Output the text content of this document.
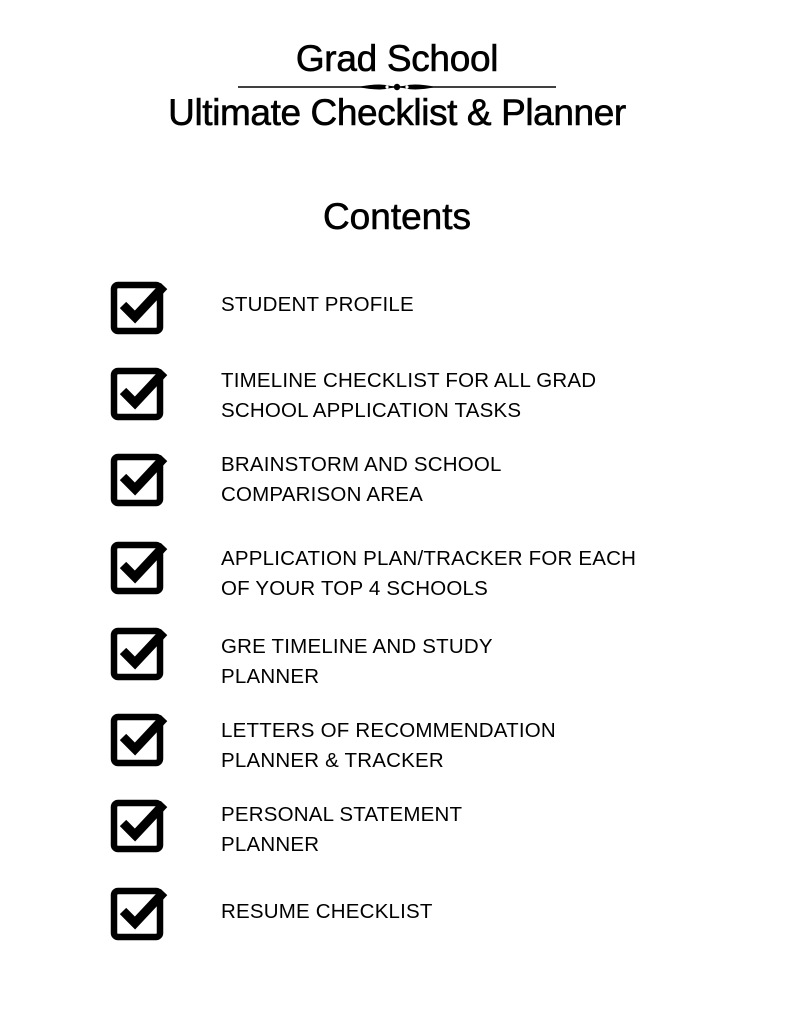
Grad School
Ultimate Checklist & Planner
Contents
STUDENT PROFILE
TIMELINE CHECKLIST FOR ALL GRAD
SCHOOL APPLICATION TASKS
BRAINSTORM AND SCHOOL
COMPARISON AREA
APPLICATION PLAN/TRACKER FOR EACH
OF YOUR TOP 4 SCHOOLS
GRE TIMELINE AND STUDY
PLANNER
LETTERS OF RECOMMENDATION
PLANNER & TRACKER
PERSONAL STATEMENT
PLANNER
RESUME CHECKLIST
